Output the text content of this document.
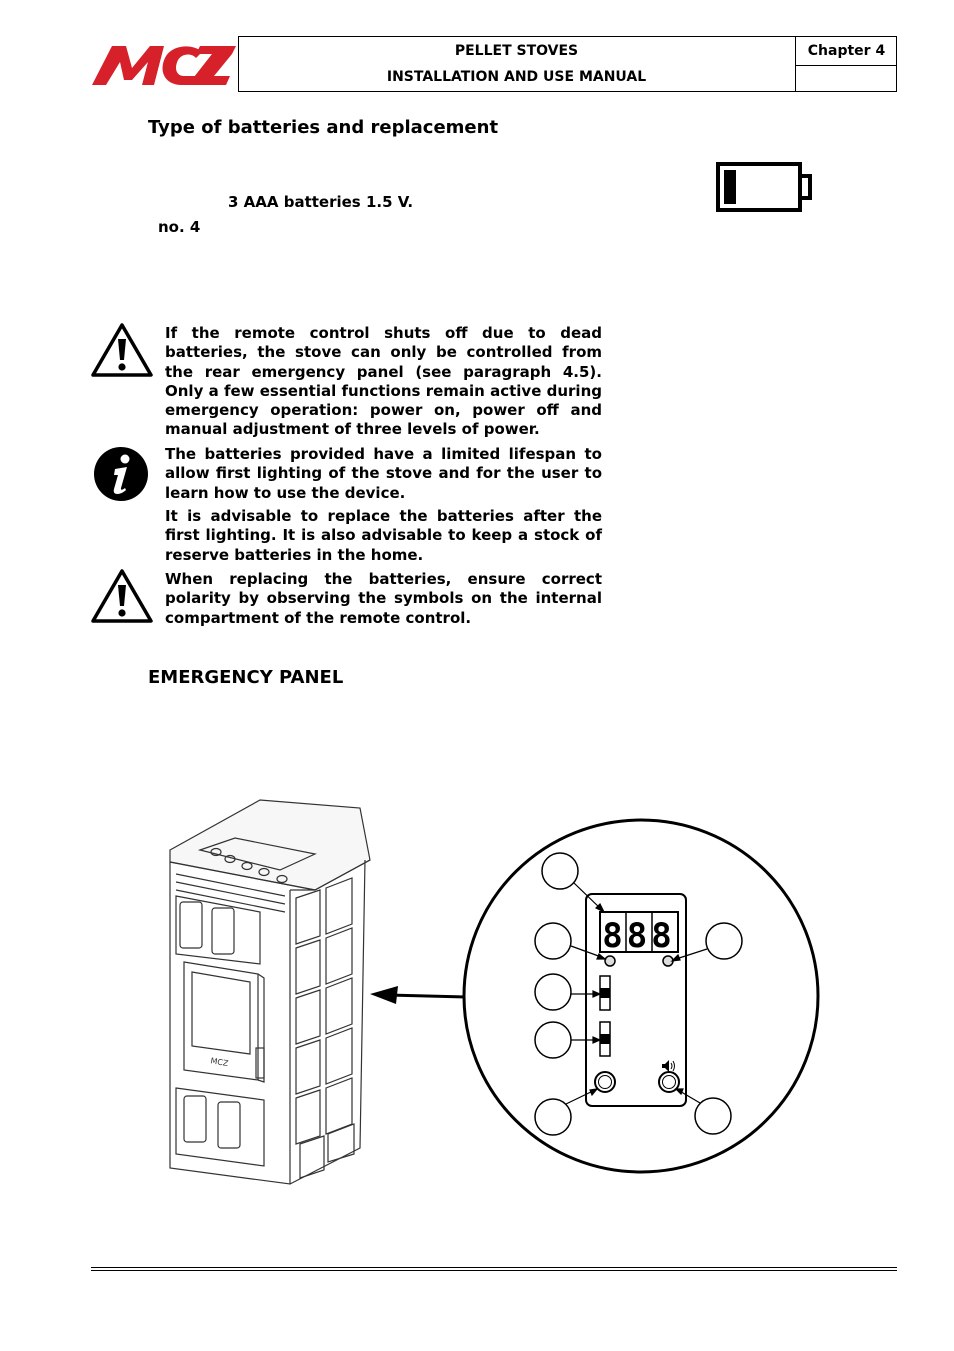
MCZ
PELLET STOVES
INSTALLATION AND USE MANUAL
Chapter 4
Type of batteries and replacement
3 AAA batteries 1.5 V.
no. 4
If the remote control shuts off due to dead batteries, the stove can only be controlled from the rear emergency panel (see paragraph 4.5). Only a few essential functions remain active during emergency operation: power on, power off and manual adjustment of three levels of power.
The batteries provided have a limited lifespan to allow first lighting of the stove and for the user to learn how to use the device.
It is advisable to replace the batteries after the first lighting. It is also advisable to keep a stock of reserve batteries in the home.
When replacing the batteries, ensure correct polarity by observing the symbols on the internal compartment of the remote control.
EMERGENCY PANEL
MCZ
888
